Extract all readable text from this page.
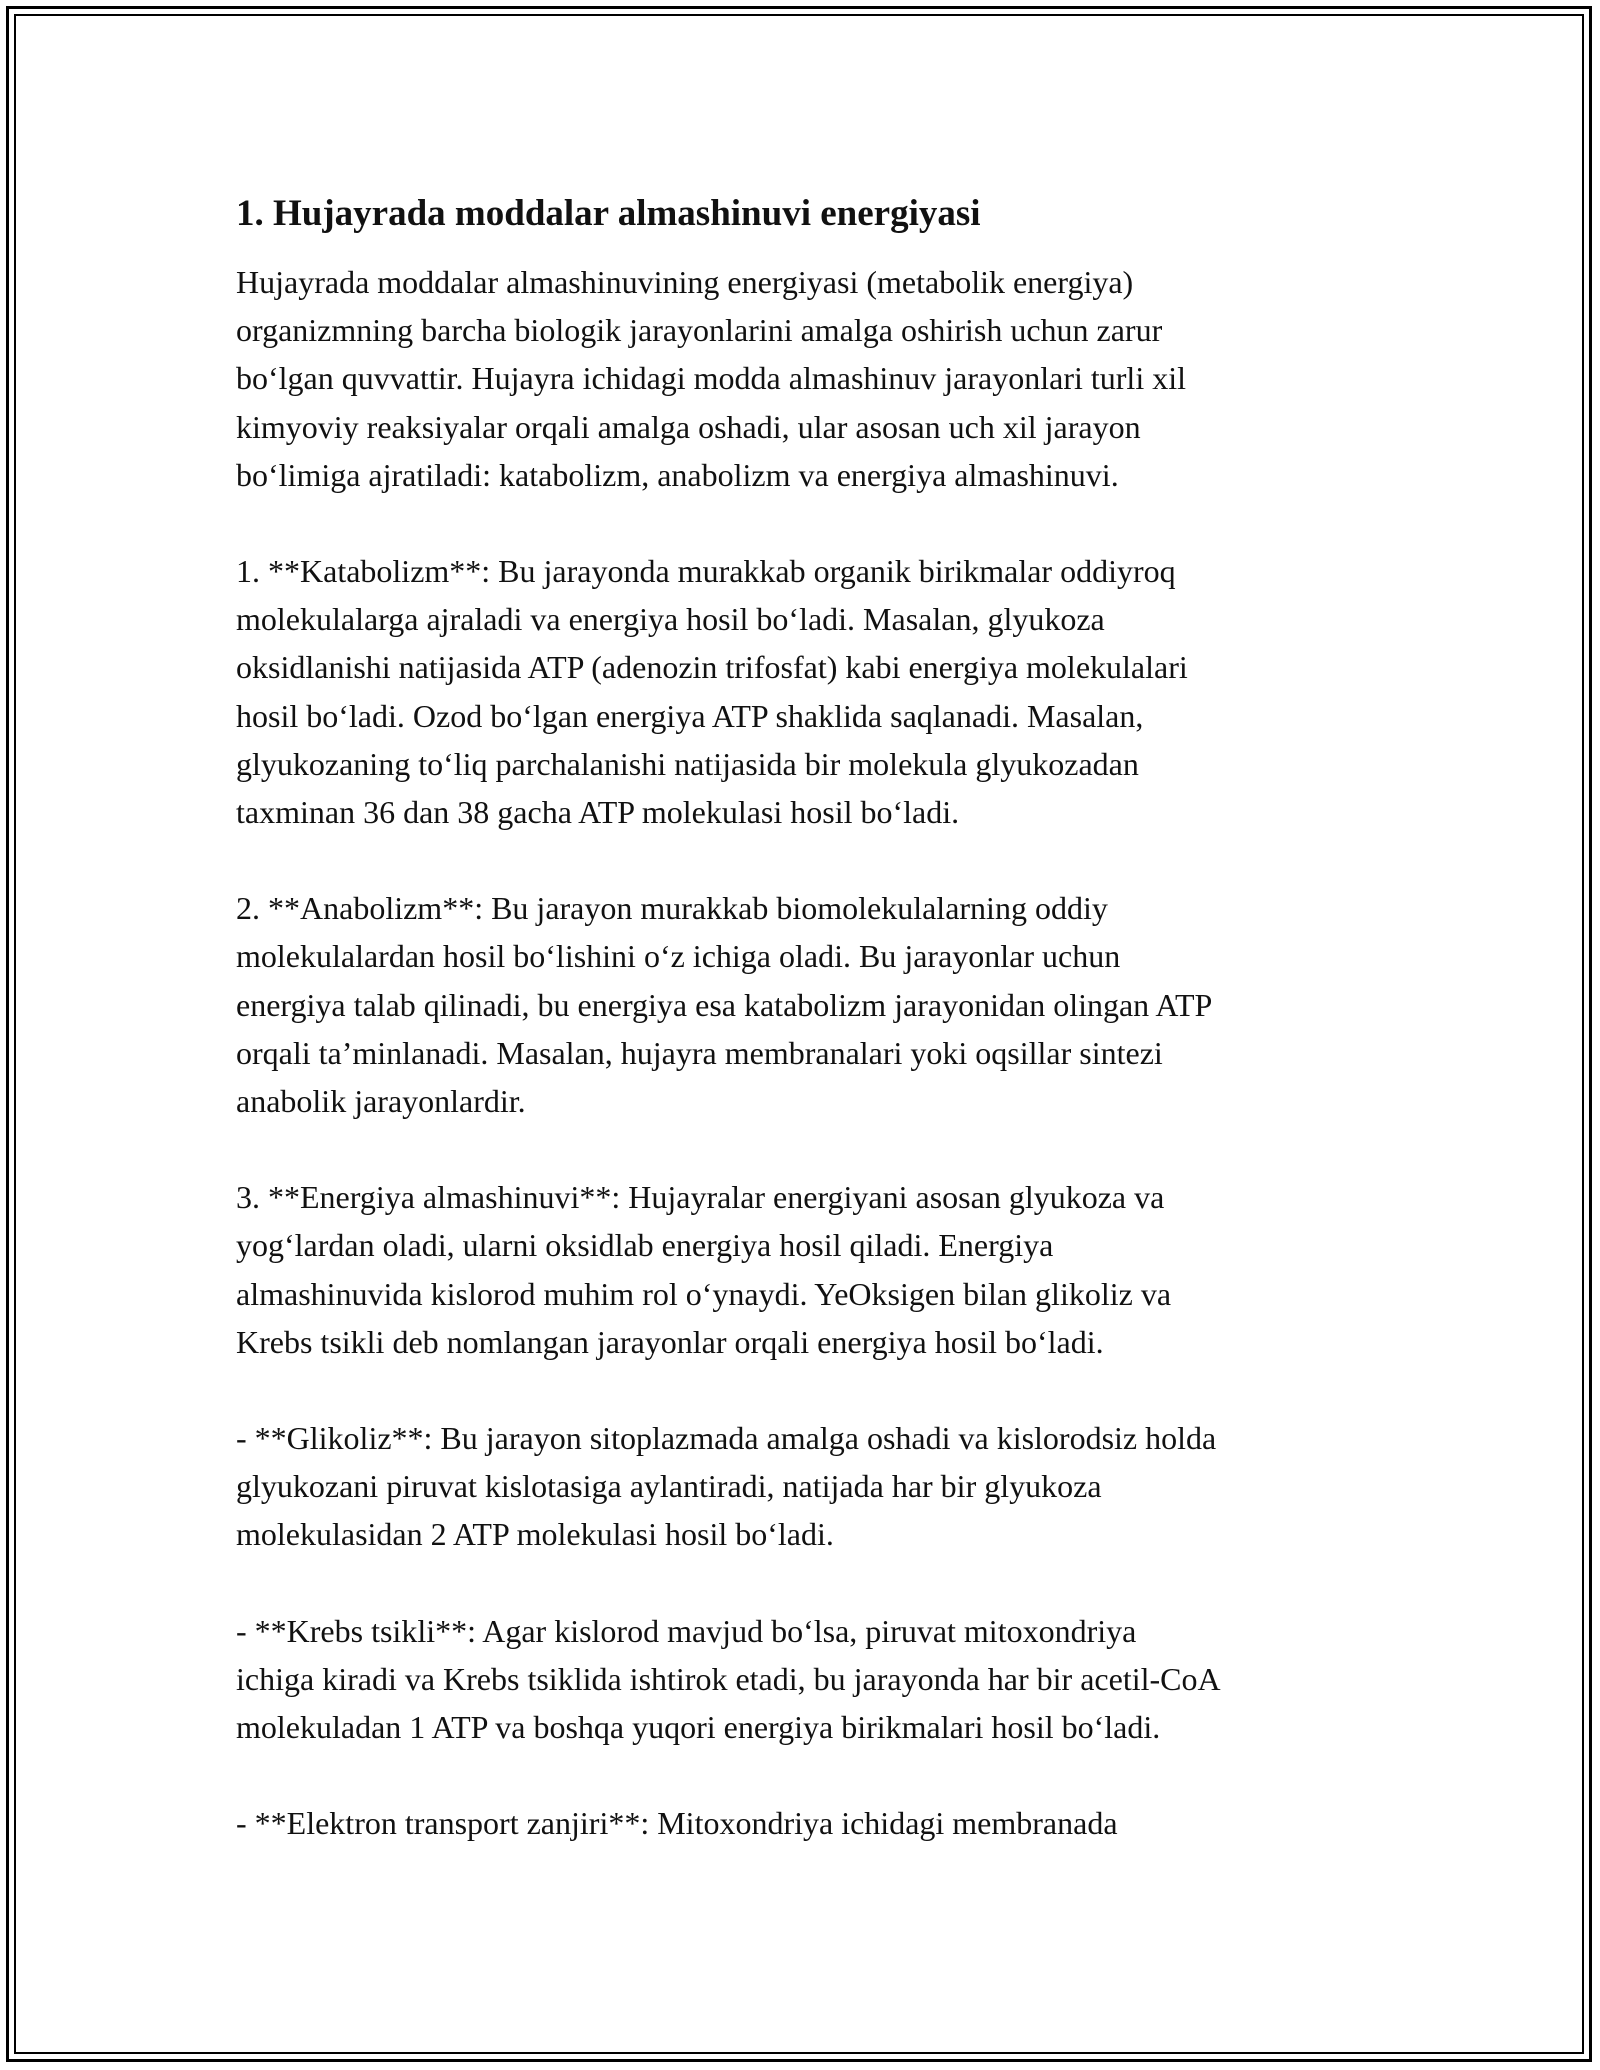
1. Hujayrada moddalar almashinuvi energiyasi

Hujayrada moddalar almashinuvining energiyasi (metabolik energiya)
organizmning barcha biologik jarayonlarini amalga oshirish uchun zarur
bo‘lgan quvvattir. Hujayra ichidagi modda almashinuv jarayonlari turli xil
kimyoviy reaksiyalar orqali amalga oshadi, ular asosan uch xil jarayon
bo‘limiga ajratiladi: katabolizm, anabolizm va energiya almashinuvi.

1. **Katabolizm**: Bu jarayonda murakkab organik birikmalar oddiyroq
molekulalarga ajraladi va energiya hosil bo‘ladi. Masalan, glyukoza
oksidlanishi natijasida ATP (adenozin trifosfat) kabi energiya molekulalari
hosil bo‘ladi. Ozod bo‘lgan energiya ATP shaklida saqlanadi. Masalan,
glyukozaning to‘liq parchalanishi natijasida bir molekula glyukozadan
taxminan 36 dan 38 gacha ATP molekulasi hosil bo‘ladi.

2. **Anabolizm**: Bu jarayon murakkab biomolekulalarning oddiy
molekulalardan hosil bo‘lishini o‘z ichiga oladi. Bu jarayonlar uchun
energiya talab qilinadi, bu energiya esa katabolizm jarayonidan olingan ATP
orqali ta’minlanadi. Masalan, hujayra membranalari yoki oqsillar sintezi
anabolik jarayonlardir.

3. **Energiya almashinuvi**: Hujayralar energiyani asosan glyukoza va
yog‘lardan oladi, ularni oksidlab energiya hosil qiladi. Energiya
almashinuvida kislorod muhim rol o‘ynaydi. YeOksigen bilan glikoliz va
Krebs tsikli deb nomlangan jarayonlar orqali energiya hosil bo‘ladi.

- **Glikoliz**: Bu jarayon sitoplazmada amalga oshadi va kislorodsiz holda
glyukozani piruvat kislotasiga aylantiradi, natijada har bir glyukoza
molekulasidan 2 ATP molekulasi hosil bo‘ladi.

- **Krebs tsikli**: Agar kislorod mavjud bo‘lsa, piruvat mitoxondriya
ichiga kiradi va Krebs tsiklida ishtirok etadi, bu jarayonda har bir acetil-CoA
molekuladan 1 ATP va boshqa yuqori energiya birikmalari hosil bo‘ladi.

- **Elektron transport zanjiri**: Mitoxondriya ichidagi membranada
